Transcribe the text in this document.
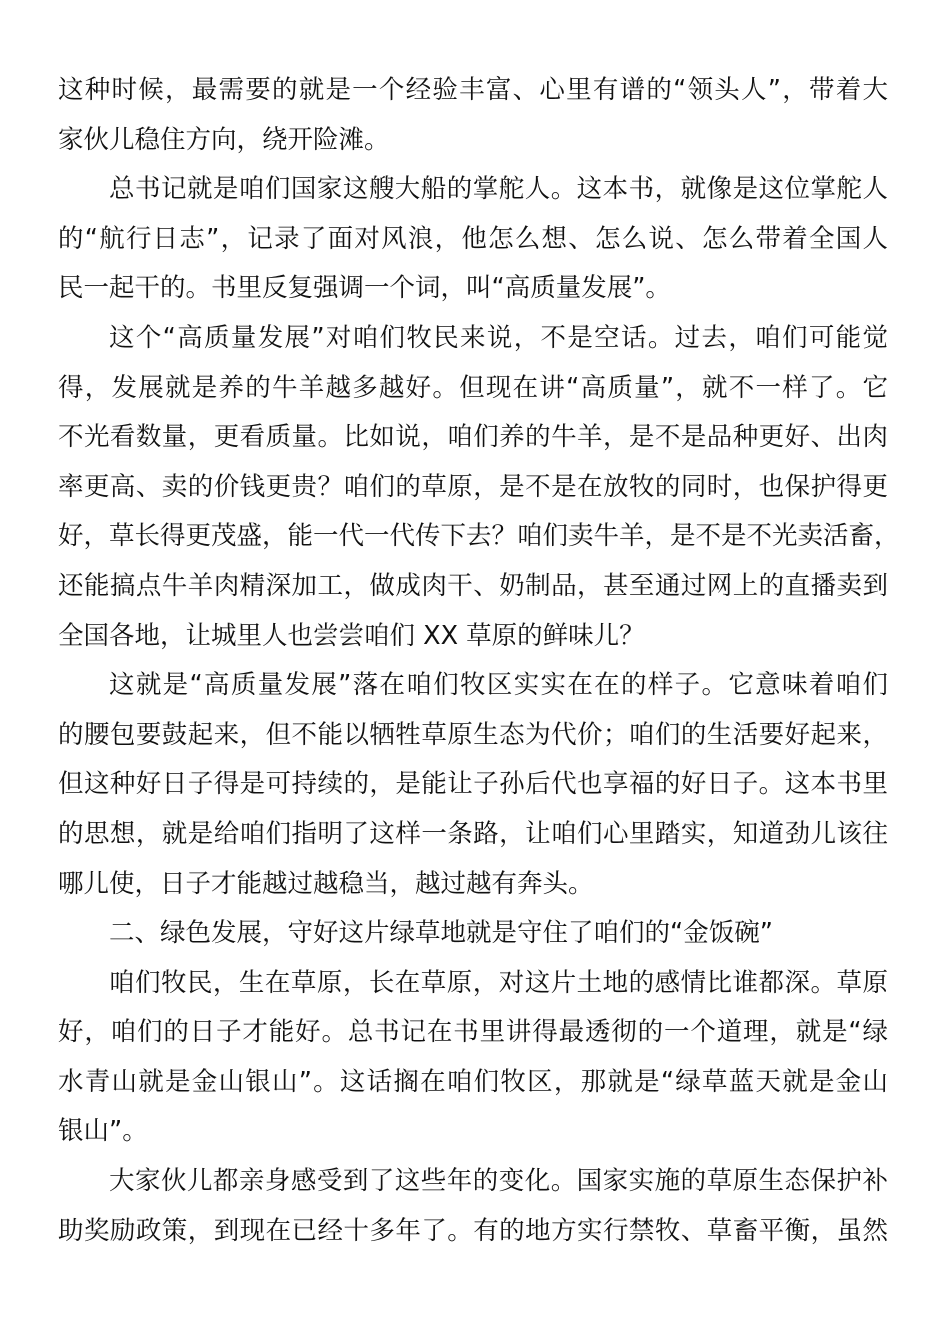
这种时候，最需要的就是一个经验丰富、心里有谱的“领头人”，带着大
家伙儿稳住方向，绕开险滩。
总书记就是咱们国家这艘大船的掌舵人。这本书，就像是这位掌舵人
的“航行日志”，记录了面对风浪，他怎么想、怎么说、怎么带着全国人
民一起干的。书里反复强调一个词，叫“高质量发展”。
这个“高质量发展”对咱们牧民来说，不是空话。过去，咱们可能觉
得，发展就是养的牛羊越多越好。但现在讲“高质量”，就不一样了。它
不光看数量，更看质量。比如说，咱们养的牛羊，是不是品种更好、出肉
率更高、卖的价钱更贵？咱们的草原，是不是在放牧的同时，也保护得更
好，草长得更茂盛，能一代一代传下去？咱们卖牛羊，是不是不光卖活畜，
还能搞点牛羊肉精深加工，做成肉干、奶制品，甚至通过网上的直播卖到
全国各地，让城里人也尝尝咱们 XX 草原的鲜味儿？
这就是“高质量发展”落在咱们牧区实实在在的样子。它意味着咱们
的腰包要鼓起来，但不能以牺牲草原生态为代价；咱们的生活要好起来，
但这种好日子得是可持续的，是能让子孙后代也享福的好日子。这本书里
的思想，就是给咱们指明了这样一条路，让咱们心里踏实，知道劲儿该往
哪儿使，日子才能越过越稳当，越过越有奔头。
二、绿色发展，守好这片绿草地就是守住了咱们的“金饭碗”
咱们牧民，生在草原，长在草原，对这片土地的感情比谁都深。草原
好，咱们的日子才能好。总书记在书里讲得最透彻的一个道理，就是“绿
水青山就是金山银山”。这话搁在咱们牧区，那就是“绿草蓝天就是金山
银山”。
大家伙儿都亲身感受到了这些年的变化。国家实施的草原生态保护补
助奖励政策，到现在已经十多年了。有的地方实行禁牧、草畜平衡，虽然
